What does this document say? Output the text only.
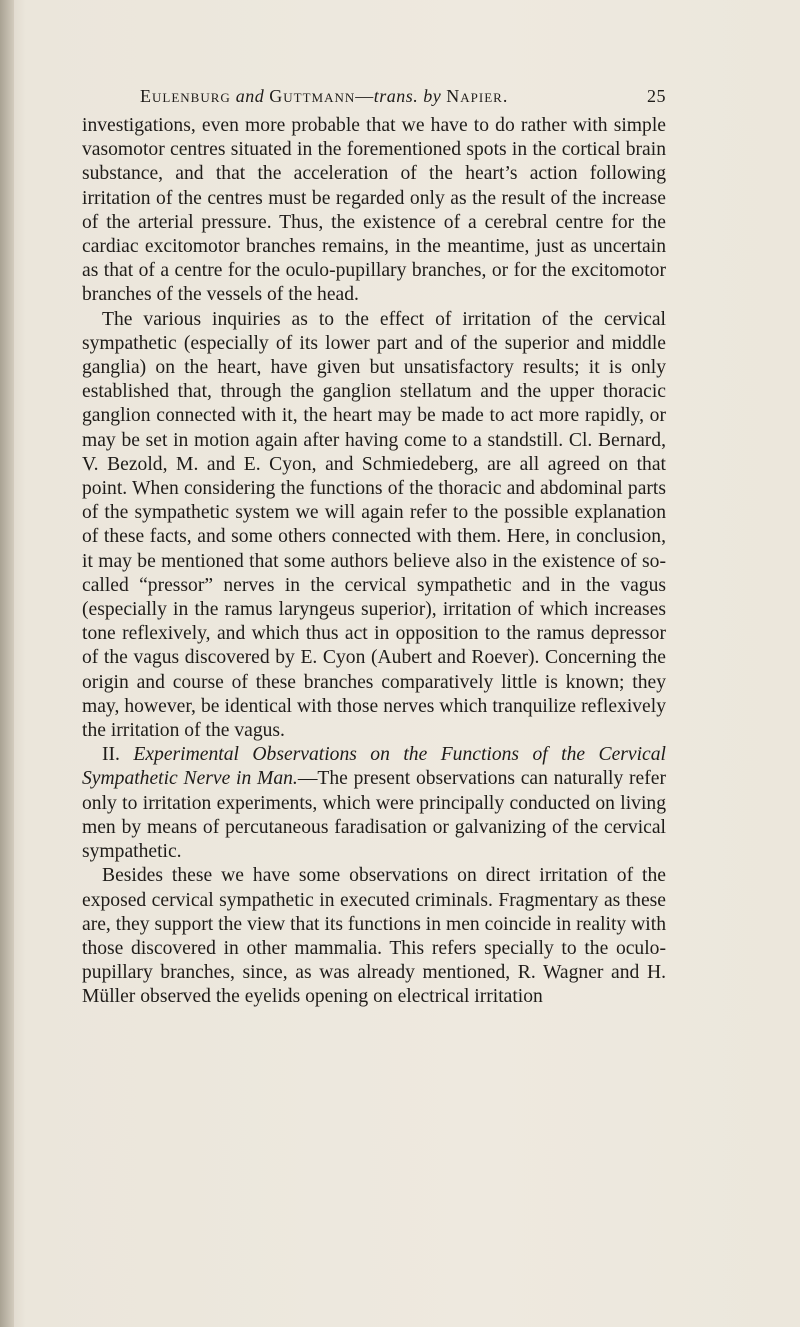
Eulenburg and Guttmann—trans. by Napier.	25

investigations, even more probable that we have to do rather with simple vasomotor centres situated in the forementioned spots in the cortical brain substance, and that the acceleration of the heart’s action following irritation of the centres must be regarded only as the result of the increase of the arterial pressure. Thus, the existence of a cerebral centre for the cardiac excitomotor branches remains, in the meantime, just as uncertain as that of a centre for the oculo-pupillary branches, or for the excitomotor branches of the vessels of the head.

The various inquiries as to the effect of irritation of the cervical sympathetic (especially of its lower part and of the superior and middle ganglia) on the heart, have given but unsatisfactory results; it is only established that, through the ganglion stellatum and the upper thoracic ganglion connected with it, the heart may be made to act more rapidly, or may be set in motion again after having come to a standstill. Cl. Bernard, V. Bezold, M. and E. Cyon, and Schmiedeberg, are all agreed on that point. When considering the functions of the thoracic and abdominal parts of the sympathetic system we will again refer to the possible explanation of these facts, and some others connected with them. Here, in conclusion, it may be mentioned that some authors believe also in the existence of so-called “pressor” nerves in the cervical sympathetic and in the vagus (especially in the ramus laryngeus superior), irritation of which increases tone reflexively, and which thus act in opposition to the ramus depressor of the vagus discovered by E. Cyon (Aubert and Roever). Concerning the origin and course of these branches comparatively little is known; they may, however, be identical with those nerves which tranquilize reflexively the irritation of the vagus.

II. Experimental Observations on the Functions of the Cervical Sympathetic Nerve in Man.—The present observations can naturally refer only to irritation experiments, which were principally conducted on living men by means of percutaneous faradisation or galvanizing of the cervical sympathetic.

Besides these we have some observations on direct irritation of the exposed cervical sympathetic in executed criminals. Fragmentary as these are, they support the view that its functions in men coincide in reality with those discovered in other mammalia. This refers specially to the oculo-pupillary branches, since, as was already mentioned, R. Wagner and H. Müller observed the eyelids opening on electrical irritation
